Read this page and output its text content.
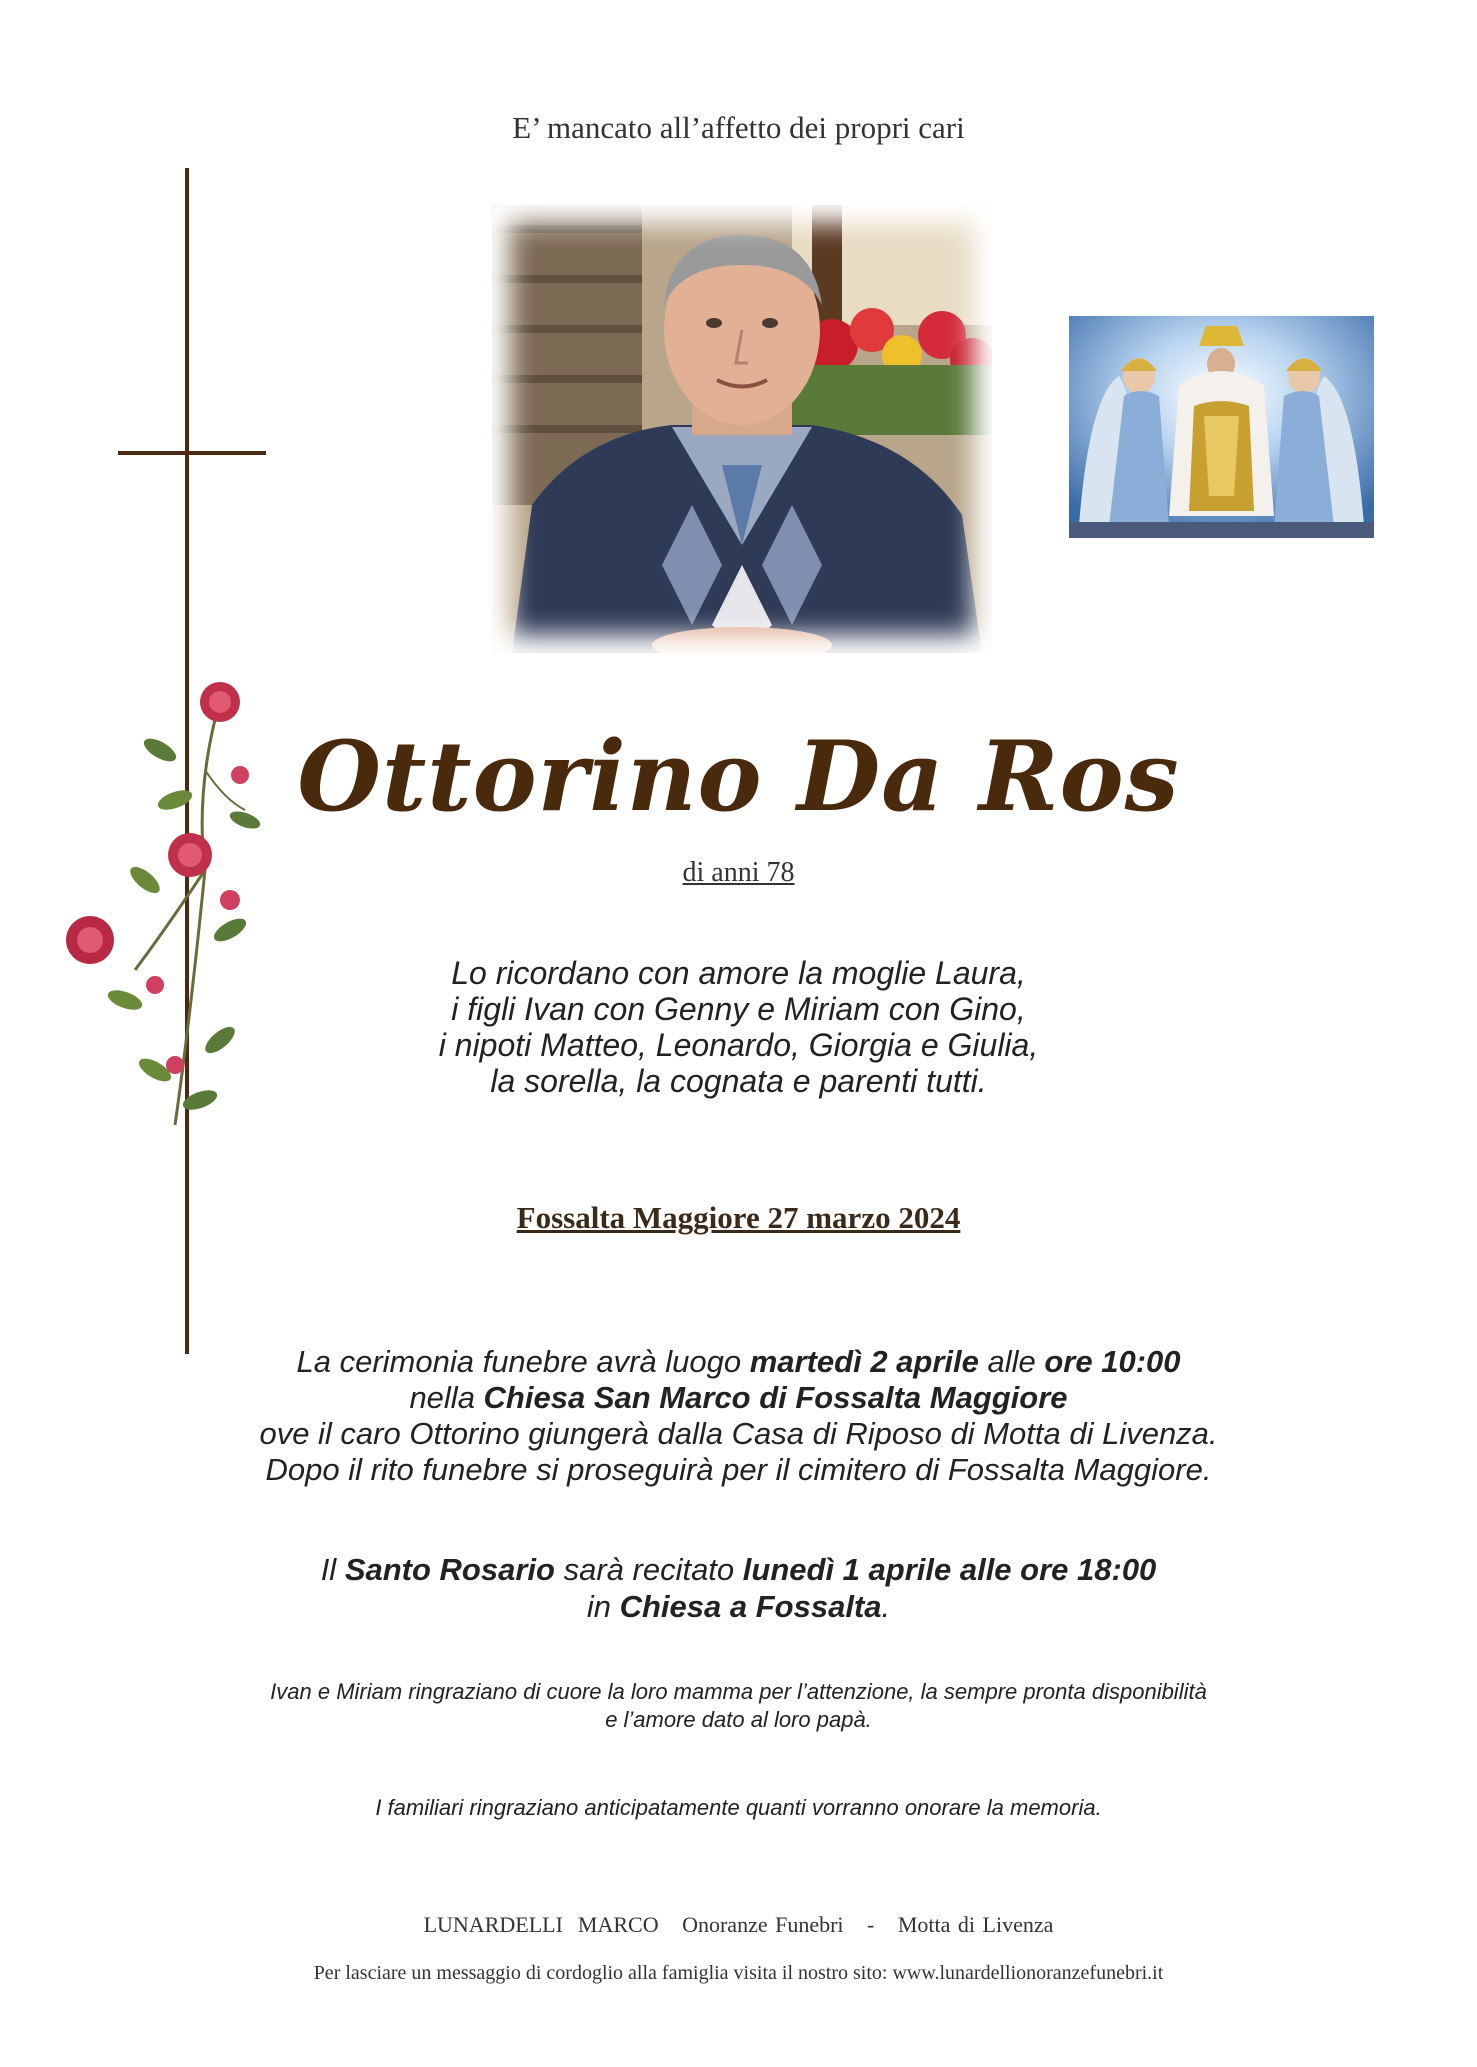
E’ mancato all’affetto dei propri cari
Ottorino Da Ros
di anni 78
Lo ricordano con amore la moglie Laura,
i figli Ivan con Genny e Miriam con Gino,
i nipoti Matteo, Leonardo, Giorgia e Giulia,
la sorella, la cognata e parenti tutti.
Fossalta Maggiore 27 marzo 2024
La cerimonia funebre avrà luogo martedì 2 aprile alle ore 10:00
nella Chiesa San Marco di Fossalta Maggiore
ove il caro Ottorino giungerà dalla Casa di Riposo di Motta di Livenza.
Dopo il rito funebre si proseguirà per il cimitero di Fossalta Maggiore.
Il Santo Rosario sarà recitato lunedì 1 aprile alle ore 18:00
in Chiesa a Fossalta.
Ivan e Miriam ringraziano di cuore la loro mamma per l’attenzione, la sempre pronta disponibilità
e l’amore dato al loro papà.
I familiari ringraziano anticipatamente quanti vorranno onorare la memoria.
LUNARDELLI  MARCO Onoranze Funebri - Motta di Livenza
Per lasciare un messaggio di cordoglio alla famiglia visita il nostro sito: www.lunardellionoranzefunebri.it
